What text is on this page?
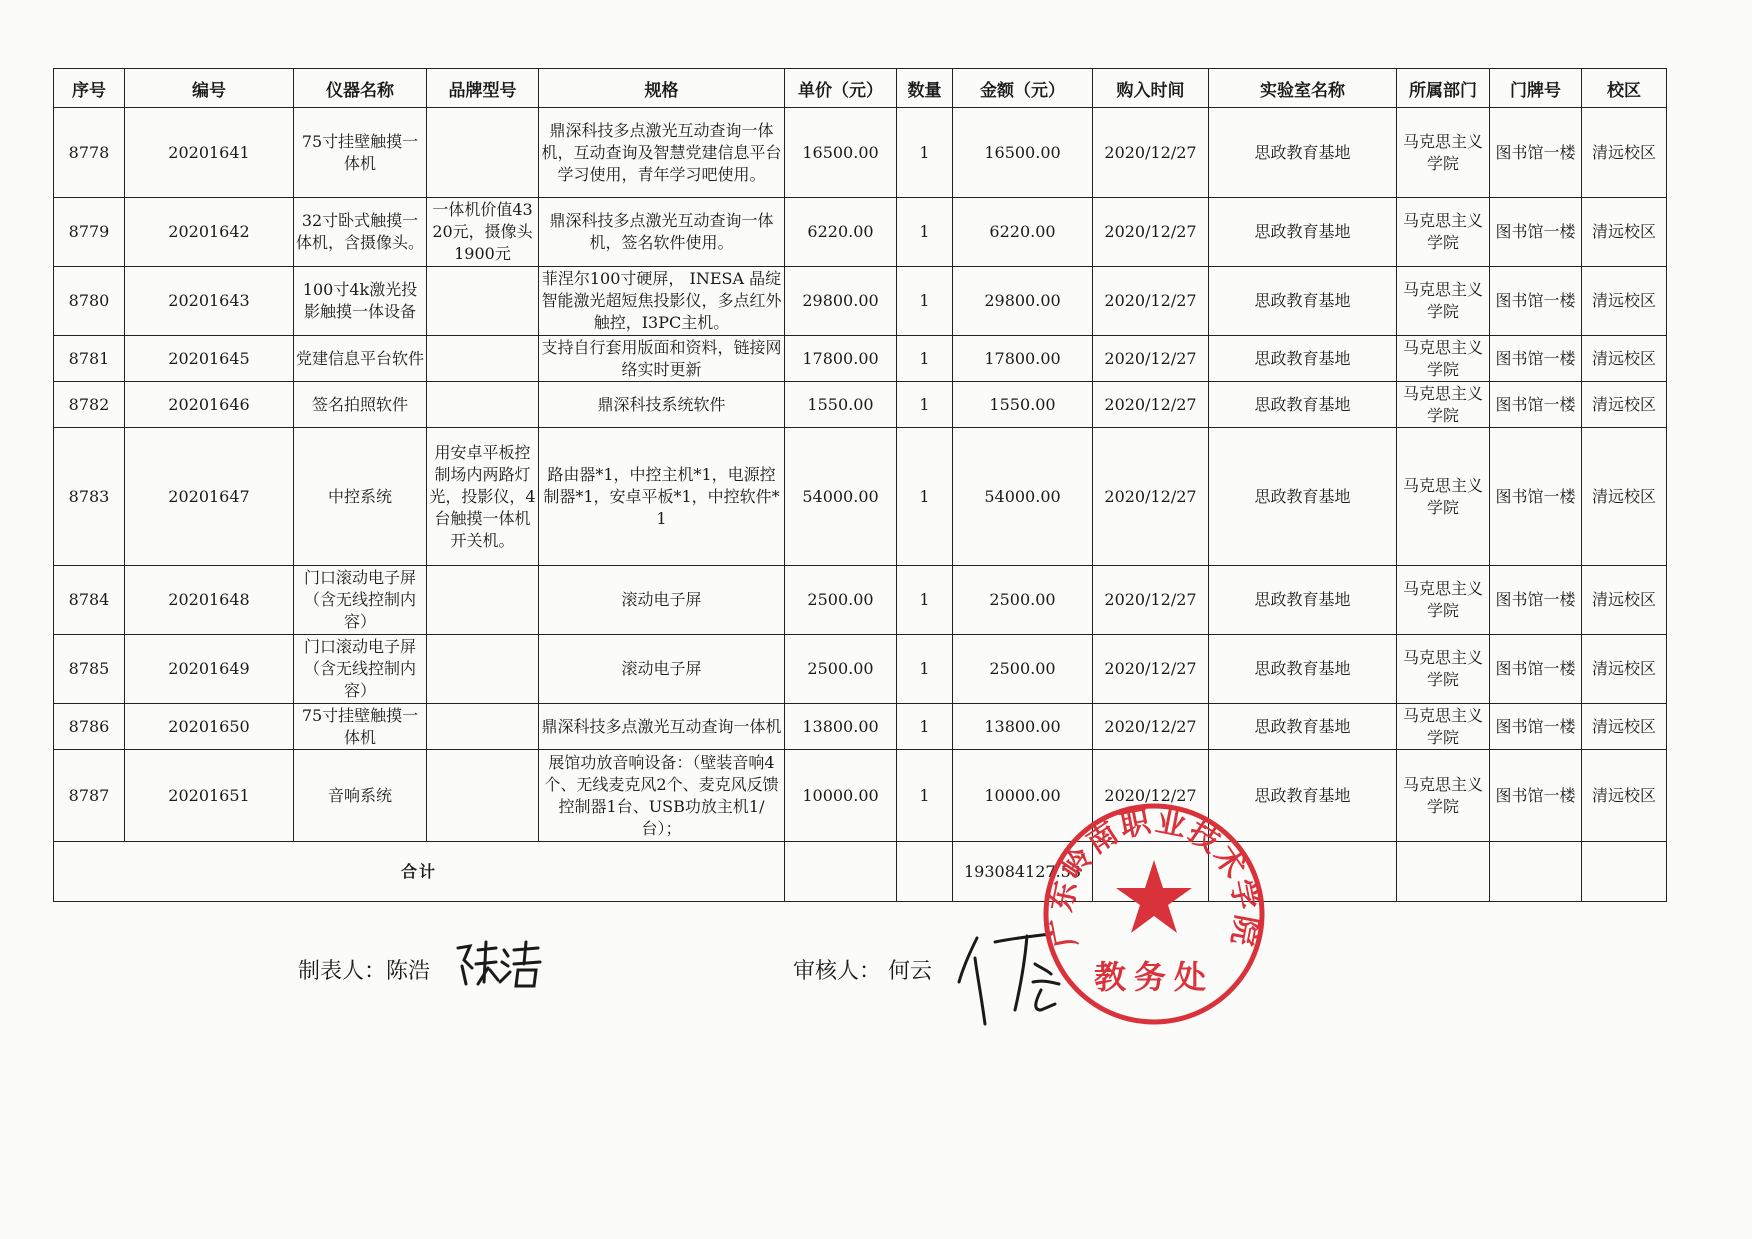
序号	编号	仪器名称	品牌型号	规格	单价（元）	数量	金额（元）	购入时间	实验室名称	所属部门	门牌号	校区
8778	20201641	75寸挂壁触摸一体机		鼎深科技多点激光互动查询一体机，互动查询及智慧党建信息平台学习使用，青年学习吧使用。	16500.00	1	16500.00	2020/12/27	思政教育基地	马克思主义学院	图书馆一楼	清远校区
8779	20201642	32寸卧式触摸一体机，含摄像头。	一体机价值4320元，摄像头1900元	鼎深科技多点激光互动查询一体机，签名软件使用。	6220.00	1	6220.00	2020/12/27	思政教育基地	马克思主义学院	图书馆一楼	清远校区
8780	20201643	100寸4k激光投影触摸一体设备		菲涅尔100寸硬屏， INESA 晶绽智能激光超短焦投影仪，多点红外触控，I3PC主机。	29800.00	1	29800.00	2020/12/27	思政教育基地	马克思主义学院	图书馆一楼	清远校区
8781	20201645	党建信息平台软件		支持自行套用版面和资料，链接网络实时更新	17800.00	1	17800.00	2020/12/27	思政教育基地	马克思主义学院	图书馆一楼	清远校区
8782	20201646	签名拍照软件		鼎深科技系统软件	1550.00	1	1550.00	2020/12/27	思政教育基地	马克思主义学院	图书馆一楼	清远校区
8783	20201647	中控系统	用安卓平板控制场内两路灯光，投影仪，4台触摸一体机开关机。	路由器*1，中控主机*1，电源控制器*1，安卓平板*1，中控软件*1	54000.00	1	54000.00	2020/12/27	思政教育基地	马克思主义学院	图书馆一楼	清远校区
8784	20201648	门口滚动电子屏（含无线控制内容）		滚动电子屏	2500.00	1	2500.00	2020/12/27	思政教育基地	马克思主义学院	图书馆一楼	清远校区
8785	20201649	门口滚动电子屏（含无线控制内容）		滚动电子屏	2500.00	1	2500.00	2020/12/27	思政教育基地	马克思主义学院	图书馆一楼	清远校区
8786	20201650	75寸挂壁触摸一体机		鼎深科技多点激光互动查询一体机	13800.00	1	13800.00	2020/12/27	思政教育基地	马克思主义学院	图书馆一楼	清远校区
8787	20201651	音响系统		展馆功放音响设备：（壁装音响4个、无线麦克风2个、麦克风反馈控制器1台、USB功放主机1/台）；	10000.00	1	10000.00	2020/12/27	思政教育基地	马克思主义学院	图书馆一楼	清远校区
合计							193084127.53					
制表人：陈浩	审核人： 何云
广东岭南职业技术学院
教务处
